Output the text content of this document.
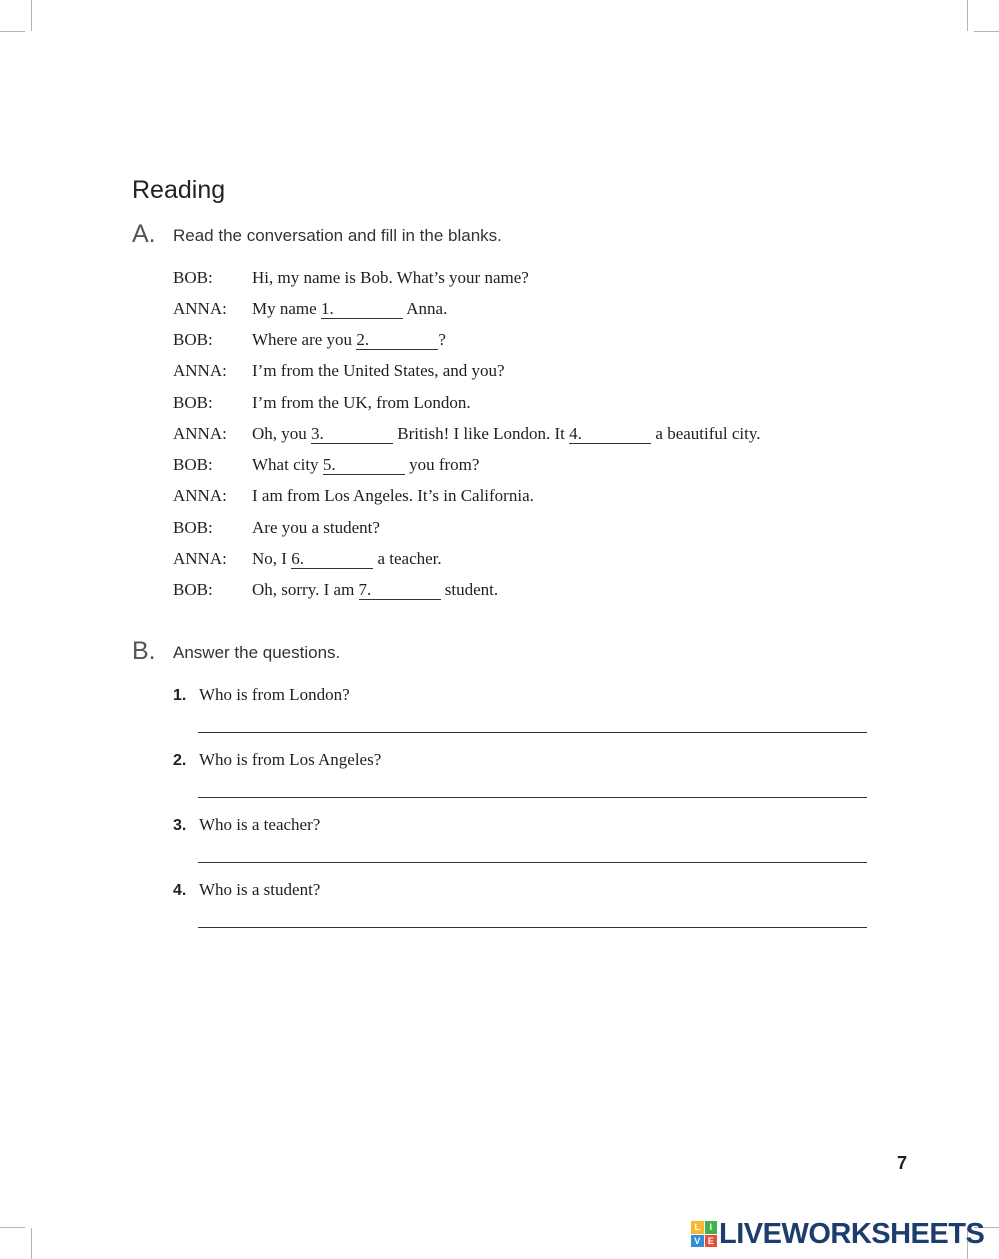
Reading
A. Read the conversation and fill in the blanks.
BOB:	Hi, my name is Bob. What’s your name?
ANNA:	My name 1.	Anna.
BOB:	Where are you 2.	?
ANNA:	I’m from the United States, and you?
BOB:	I’m from the UK, from London.
ANNA:	Oh, you 3.	British! I like London. It 4.	a beautiful city.
BOB:	What city 5.	you from?
ANNA:	I am from Los Angeles. It’s in California.
BOB:	Are you a student?
ANNA:	No, I 6.	a teacher.
BOB:	Oh, sorry. I am 7.	student.
B. Answer the questions.
1. Who is from London?
2. Who is from Los Angeles?
3. Who is a teacher?
4. Who is a student?
7
L	I
V E LIVEWORKSHEETS
